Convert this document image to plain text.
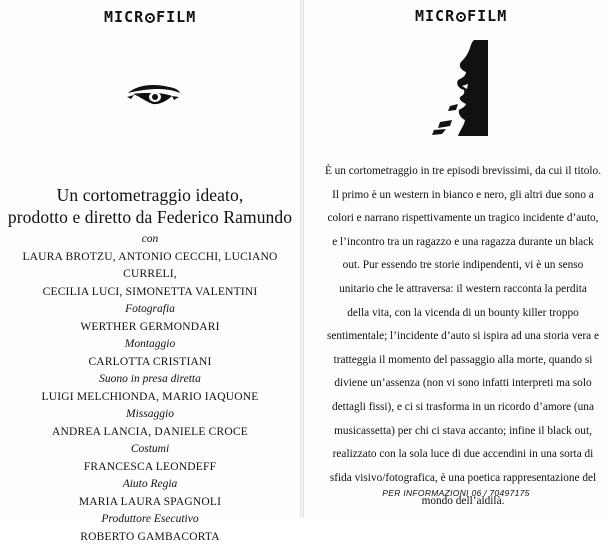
MICR FILM
Un cortometraggio ideato,
prodotto e diretto da Federico Ramundo
con
LAURA BROTZU, ANTONIO CECCHI, LUCIANO CURRELI,
CECILIA LUCI, SIMONETTA VALENTINI
Fotografia
WERTHER GERMONDARI
Montaggio
CARLOTTA CRISTIANI
Suono in presa diretta
LUIGI MELCHIONDA, MARIO IAQUONE
Missaggio
ANDREA LANCIA, DANIELE CROCE
Costumi
FRANCESCA LEONDEFF
Aiuto Regia
MARIA LAURA SPAGNOLI
Produttore Esecutivo
ROBERTO GAMBACORTA
MICR FILM
È un cortometraggio in tre episodi brevissimi, da cui il titolo.
Il primo è un western in bianco e nero, gli altri due sono a
colori e narrano rispettivamente un tragico incidente d’auto,
e l’incontro tra un ragazzo e una ragazza durante un black
out. Pur essendo tre storie indipendenti, vi è un senso
unitario che le attraversa: il western racconta la perdita
della vita, con la vicenda di un bounty killer troppo
sentimentale; l’incidente d’auto si ispira ad una storia vera e
tratteggia il momento del passaggio alla morte, quando si
diviene un’assenza (non vi sono infatti interpreti ma solo
dettagli fissi), e ci si trasforma in un ricordo d’amore (una
musicassetta) per chi ci stava accanto; infine il black out,
realizzato con la sola luce di due accendini in una sorta di
sfida visivo/fotografica, è una poetica rappresentazione del
mondo dell’aldilà.
PER INFORMAZIONI 06 / 70497175
